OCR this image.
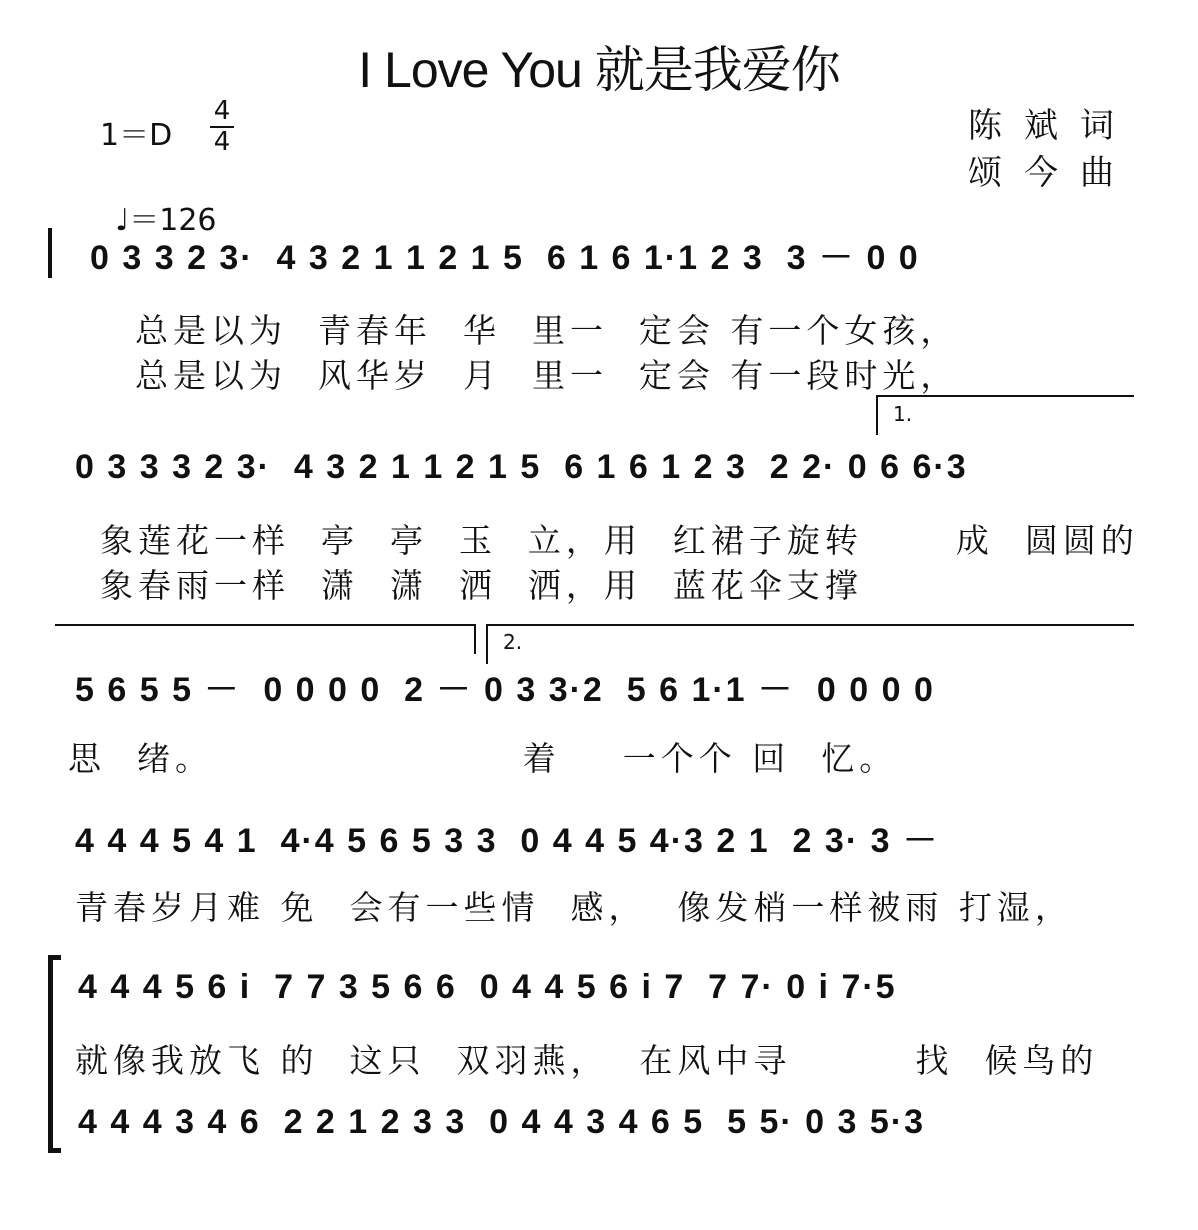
I Love You 就是我爱你
1＝D
4
4

♩＝126

陈斌词
颂今曲
0 3 3 2 3·  4 3 2 1 1 2 1 5  6 1 6 1·1 2 3  3 － 0 0
总是以为  青春年  华  里一  定会 有一个女孩，
总是以为  风华岁  月  里一  定会 有一段时光，
1.
0 3 3 3 2 3·  4 3 2 1 1 2 1 5  6 1 6 1 2 3  2 2· 0 6 6·3
象莲花一样  亭  亭  玉  立，用  红裙子旋转      成  圆圆的
象春雨一样  潇  潇  洒  洒，用  蓝花伞支撑
2.
5 6 5 5 －  0 0 0 0  2 － 0 3 3·2  5 6 1·1 －  0 0 0 0
思  绪。                    着    一个个 回  忆。
4 4 4 5 4 1  4·4 5 6 5 3 3  0 4 4 5 4·3 2 1  2 3· 3 －
青春岁月难 免  会有一些情  感，  像发梢一样被雨 打湿，
4 4 4 5 6 i  7 7 3 5 6 6  0 4 4 5 6 i 7  7 7· 0 i 7·5
就像我放飞 的  这只  双羽燕，  在风中寻        找  候鸟的
4 4 4 3 4 6  2 2 1 2 3 3  0 4 4 3 4 6 5  5 5· 0 3 5·3
